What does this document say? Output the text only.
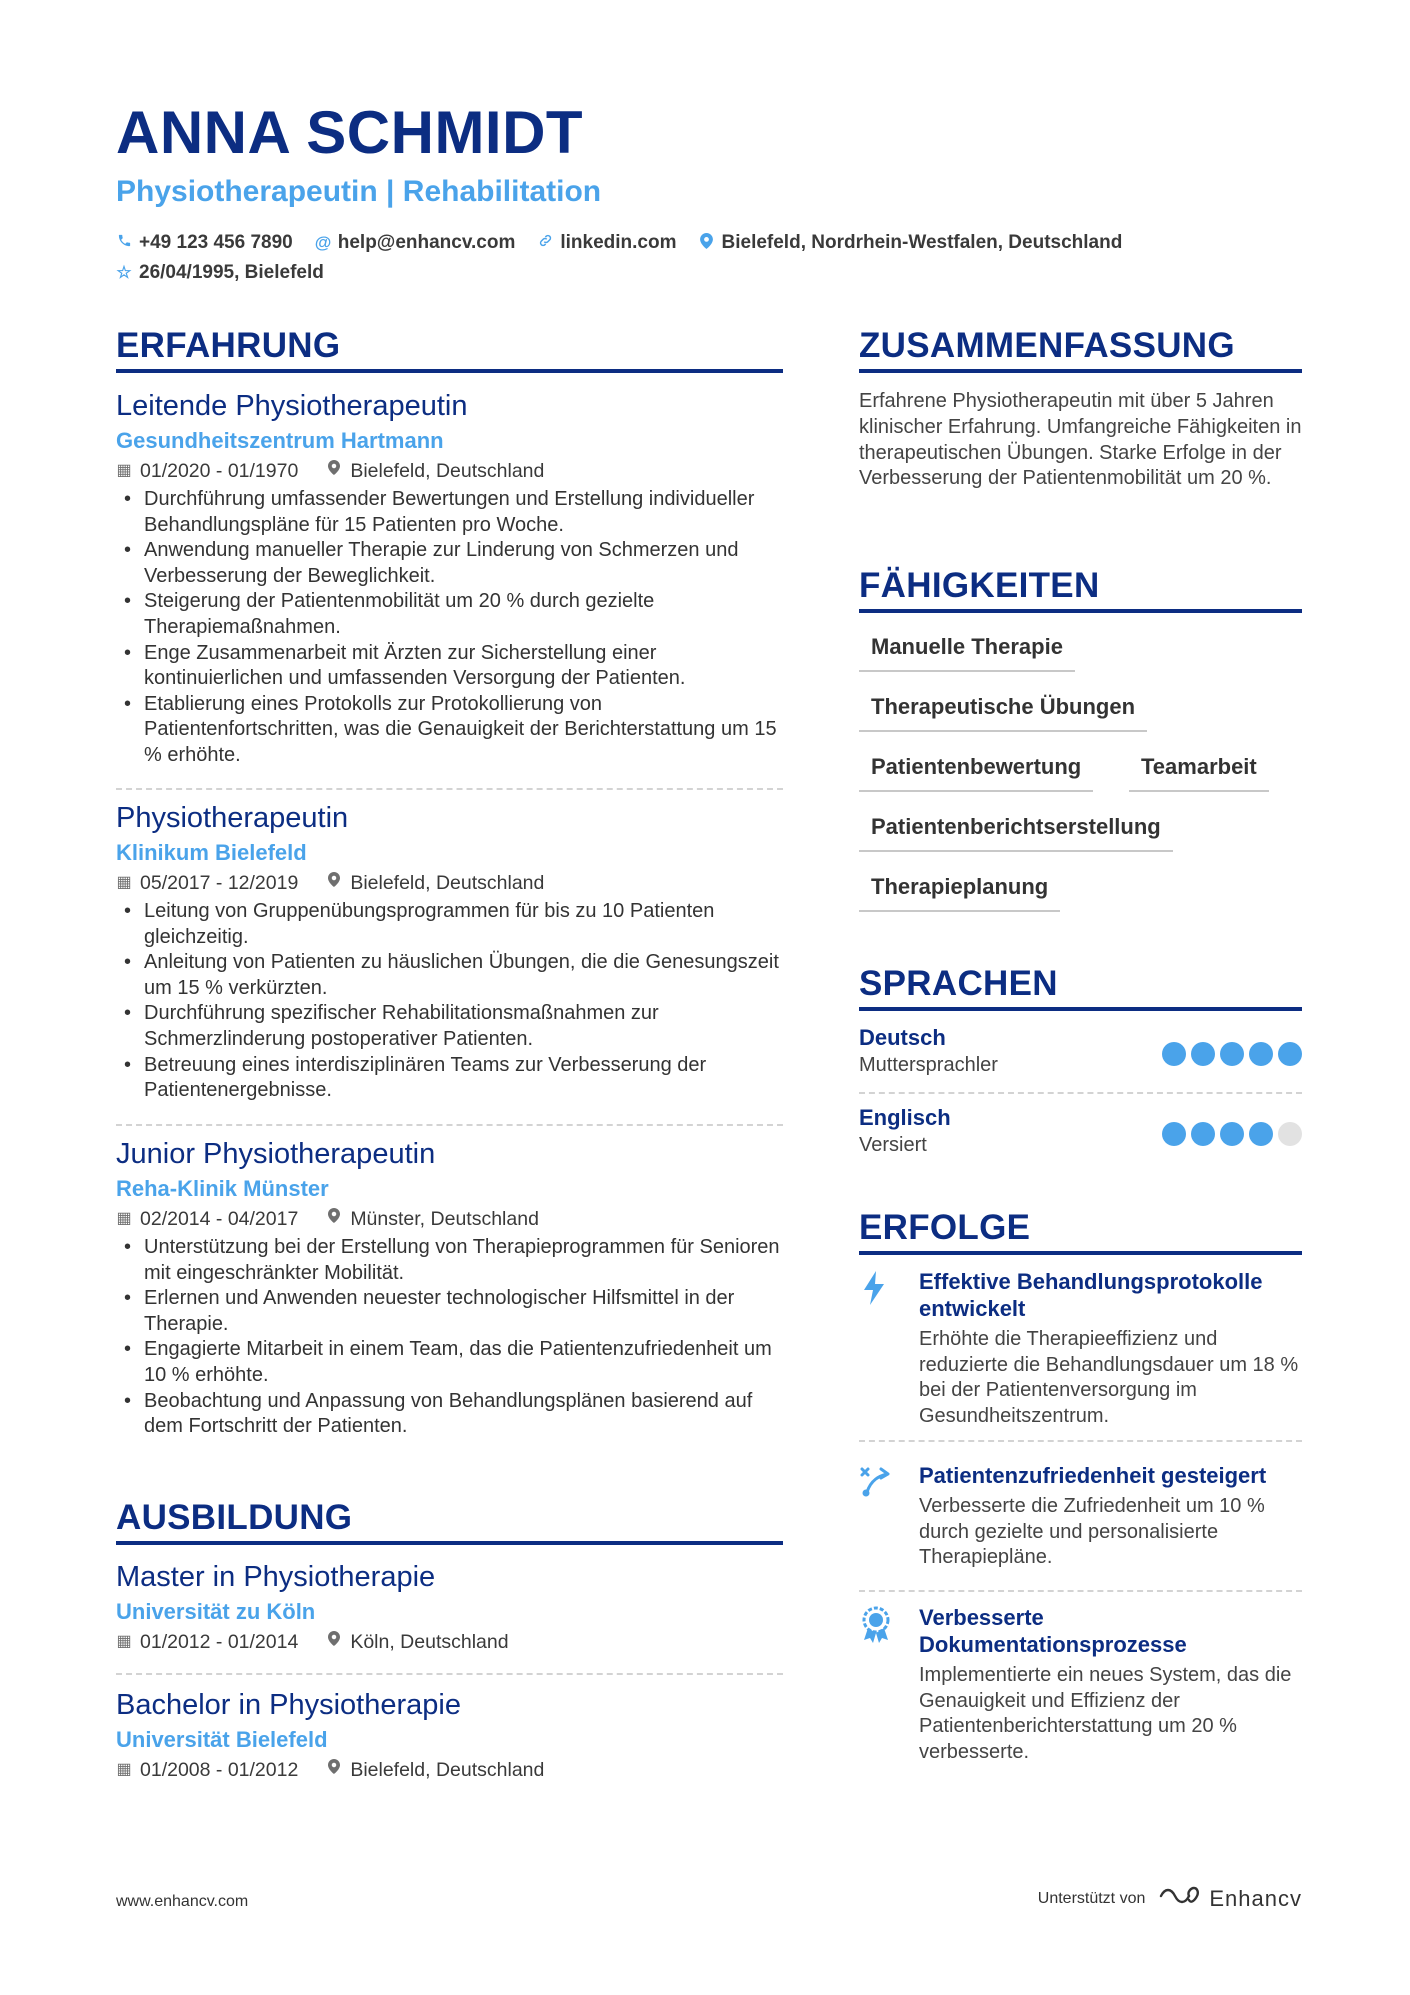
ANNA SCHMIDT
Physiotherapeutin | Rehabilitation
+49 123 456 7890 @ help@enhancv.com linkedin.com Bielefeld, Nordrhein-Westfalen, Deutschland
☆ 26/04/1995, Bielefeld
ERFAHRUNG
Leitende Physiotherapeutin
Gesundheitszentrum Hartmann
▦ 01/2020 - 01/1970	Bielefeld, Deutschland
• Durchführung umfassender Bewertungen und Erstellung individueller Behandlungspläne für 15 Patienten pro Woche.
• Anwendung manueller Therapie zur Linderung von Schmerzen und Verbesserung der Beweglichkeit.
• Steigerung der Patientenmobilität um 20 % durch gezielte Therapiemaßnahmen.
• Enge Zusammenarbeit mit Ärzten zur Sicherstellung einer kontinuierlichen und umfassenden Versorgung der Patienten.
• Etablierung eines Protokolls zur Protokollierung von Patientenfortschritten, was die Genauigkeit der Berichterstattung um 15 % erhöhte.
Physiotherapeutin
Klinikum Bielefeld
▦ 05/2017 - 12/2019	Bielefeld, Deutschland
• Leitung von Gruppenübungsprogrammen für bis zu 10 Patienten gleichzeitig.
• Anleitung von Patienten zu häuslichen Übungen, die die Genesungszeit um 15 % verkürzten.
• Durchführung spezifischer Rehabilitationsmaßnahmen zur Schmerzlinderung postoperativer Patienten.
• Betreuung eines interdisziplinären Teams zur Verbesserung der Patientenergebnisse.
Junior Physiotherapeutin
Reha-Klinik Münster
▦ 02/2014 - 04/2017	Münster, Deutschland
• Unterstützung bei der Erstellung von Therapieprogrammen für Senioren mit eingeschränkter Mobilität.
• Erlernen und Anwenden neuester technologischer Hilfsmittel in der Therapie.
• Engagierte Mitarbeit in einem Team, das die Patientenzufriedenheit um 10 % erhöhte.
• Beobachtung und Anpassung von Behandlungsplänen basierend auf dem Fortschritt der Patienten.
AUSBILDUNG
Master in Physiotherapie
Universität zu Köln
▦ 01/2012 - 01/2014	Köln, Deutschland
Bachelor in Physiotherapie
Universität Bielefeld
▦ 01/2008 - 01/2012	Bielefeld, Deutschland
ZUSAMMENFASSUNG
Erfahrene Physiotherapeutin mit über 5 Jahren klinischer Erfahrung. Umfangreiche Fähigkeiten in therapeutischen Übungen. Starke Erfolge in der Verbesserung der Patientenmobilität um 20 %.
FÄHIGKEITEN
Manuelle Therapie
Therapeutische Übungen
Patientenbewertung	Teamarbeit
Patientenberichtserstellung
Therapieplanung
SPRACHEN
Deutsch
Muttersprachler
Englisch
Versiert
ERFOLGE
Effektive Behandlungsprotokolle entwickelt
Erhöhte die Therapieeffizienz und reduzierte die Behandlungsdauer um 18 % bei der Patientenversorgung im Gesundheitszentrum.
Patientenzufriedenheit gesteigert
Verbesserte die Zufriedenheit um 10 % durch gezielte und personalisierte Therapiepläne.
Verbesserte Dokumentationsprozesse
Implementierte ein neues System, das die Genauigkeit und Effizienz der Patientenberichterstattung um 20 % verbesserte.
www.enhancv.com	Unterstützt von	Enhancv
